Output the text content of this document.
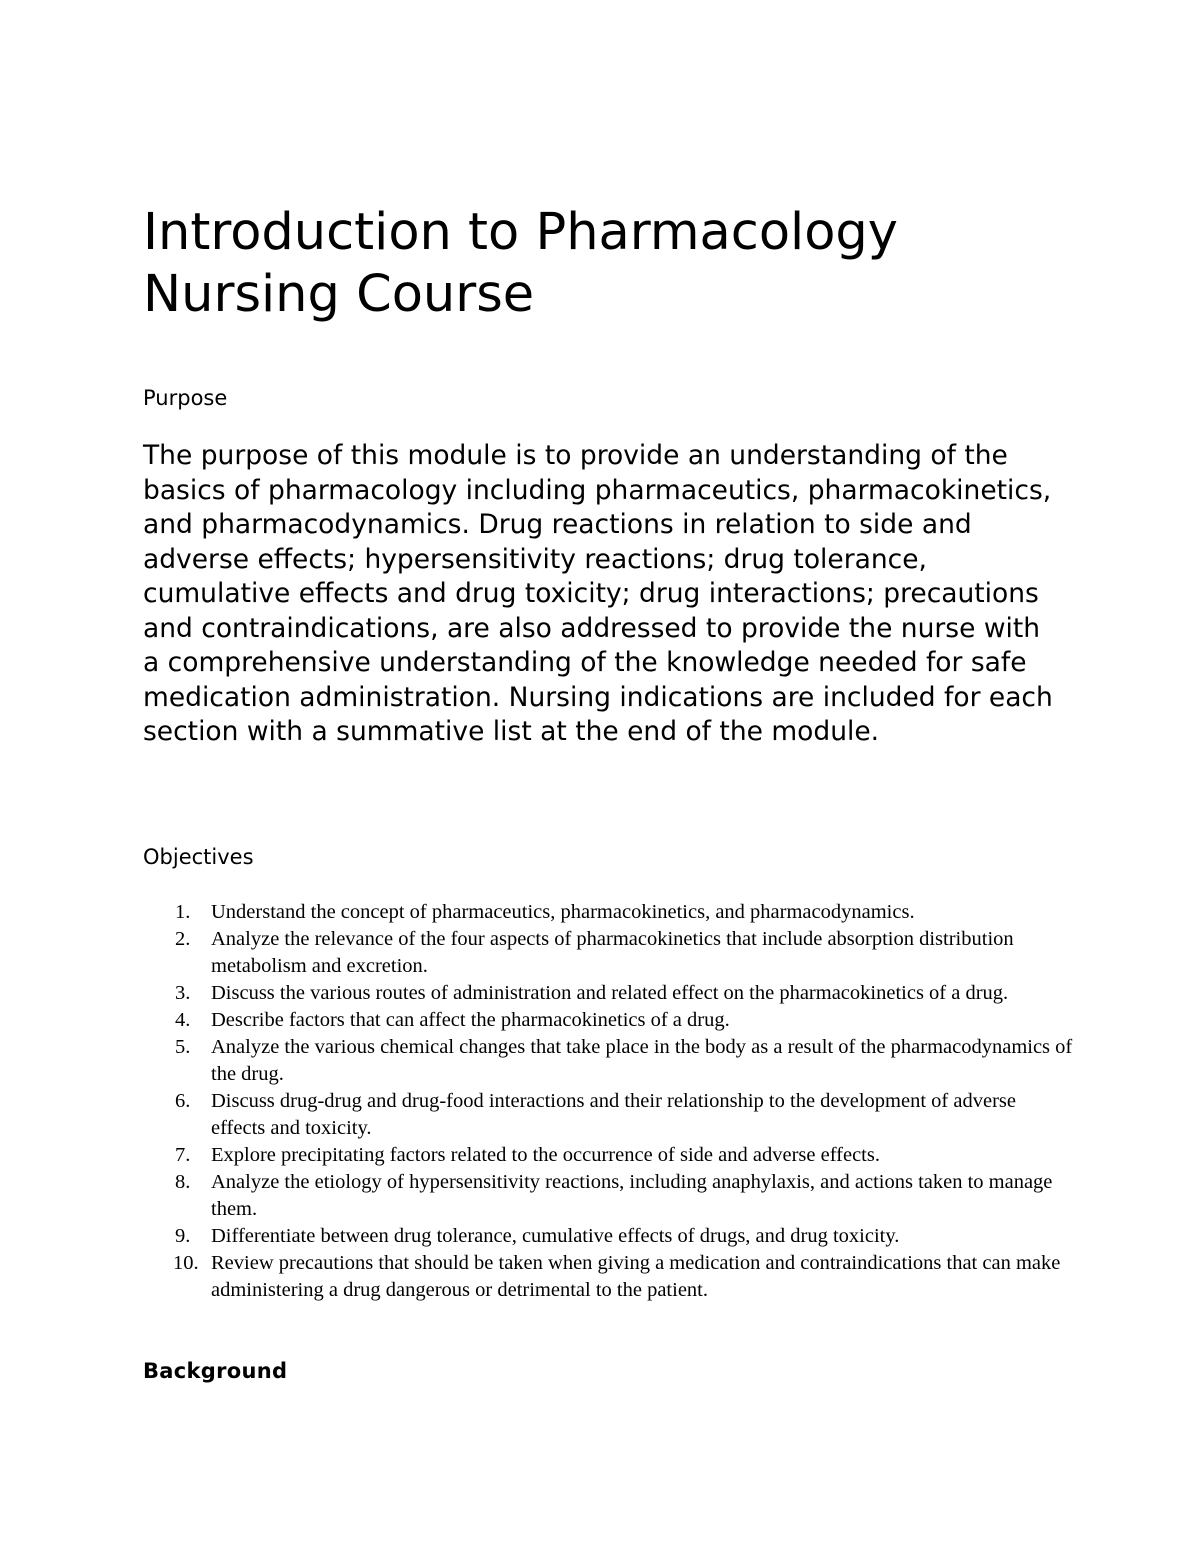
Introduction to Pharmacology
Nursing Course
Purpose

The purpose of this module is to provide an understanding of the basics of pharmacology including pharmaceutics, pharmacokinetics, and pharmacodynamics. Drug reactions in relation to side and adverse effects; hypersensitivity reactions; drug tolerance, cumulative effects and drug toxicity; drug interactions; precautions and contraindications, are also addressed to provide the nurse with a comprehensive understanding of the knowledge needed for safe medication administration. Nursing indications are included for each section with a summative list at the end of the module.

Objectives
1. Understand the concept of pharmaceutics, pharmacokinetics, and pharmacodynamics.
2. Analyze the relevance of the four aspects of pharmacokinetics that include absorption distribution metabolism and excretion.
3. Discuss the various routes of administration and related effect on the pharmacokinetics of a drug.
4. Describe factors that can affect the pharmacokinetics of a drug.
5. Analyze the various chemical changes that take place in the body as a result of the pharmacodynamics of the drug.
6. Discuss drug-drug and drug-food interactions and their relationship to the development of adverse effects and toxicity.
7. Explore precipitating factors related to the occurrence of side and adverse effects.
8. Analyze the etiology of hypersensitivity reactions, including anaphylaxis, and actions taken to manage them.
9. Differentiate between drug tolerance, cumulative effects of drugs, and drug toxicity.
10. Review precautions that should be taken when giving a medication and contraindications that can make administering a drug dangerous or detrimental to the patient.
Background
